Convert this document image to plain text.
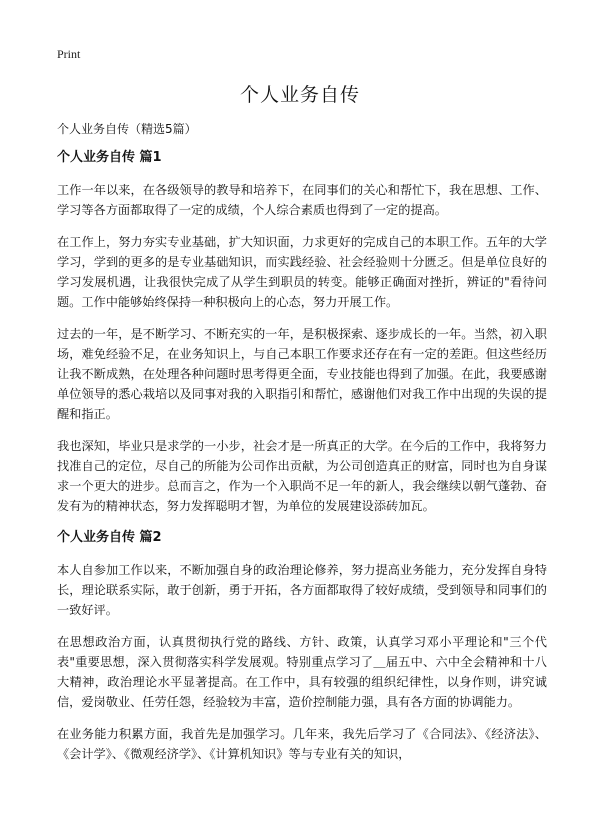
Print
个人业务自传

个人业务自传（精选5篇）

个人业务自传 篇1

工作一年以来，在各级领导的教导和培养下，在同事们的关心和帮忙下，我在思想、工作、学习等各方面都取得了一定的成绩，个人综合素质也得到了一定的提高。

在工作上，努力夯实专业基础，扩大知识面，力求更好的完成自己的本职工作。五年的大学学习，学到的更多的是专业基础知识，而实践经验、社会经验则十分匮乏。但是单位良好的学习发展机遇，让我很快完成了从学生到职员的转变。能够正确面对挫折，辨证的"看待问题。工作中能够始终保持一种积极向上的心态，努力开展工作。

过去的一年，是不断学习、不断充实的一年，是积极探索、逐步成长的一年。当然，初入职场，难免经验不足，在业务知识上，与自己本职工作要求还存在有一定的差距。但这些经历让我不断成熟，在处理各种问题时思考得更全面，专业技能也得到了加强。在此，我要感谢单位领导的悉心栽培以及同事对我的入职指引和帮忙，感谢他们对我工作中出现的失误的提醒和指正。

我也深知，毕业只是求学的一小步，社会才是一所真正的大学。在今后的工作中，我将努力找准自己的定位，尽自己的所能为公司作出贡献，为公司创造真正的财富，同时也为自身谋求一个更大的进步。总而言之，作为一个入职尚不足一年的新人，我会继续以朝气蓬勃、奋发有为的精神状态，努力发挥聪明才智，为单位的发展建设添砖加瓦。

个人业务自传 篇2

本人自参加工作以来，不断加强自身的政治理论修养，努力提高业务能力，充分发挥自身特长，理论联系实际，敢于创新，勇于开拓，各方面都取得了较好成绩，受到领导和同事们的一致好评。

在思想政治方面，认真贯彻执行党的路线、方针、政策，认真学习邓小平理论和"三个代表"重要思想，深入贯彻落实科学发展观。特别重点学习了＿届五中、六中全会精神和十八大精神，政治理论水平显著提高。在工作中，具有较强的组织纪律性，以身作则，讲究诚信，爱岗敬业、任劳任怨，经验较为丰富，造价控制能力强，具有各方面的协调能力。

在业务能力积累方面，我首先是加强学习。几年来，我先后学习了《合同法》、《经济法》、《会计学》、《微观经济学》、《计算机知识》等与专业有关的知识，
